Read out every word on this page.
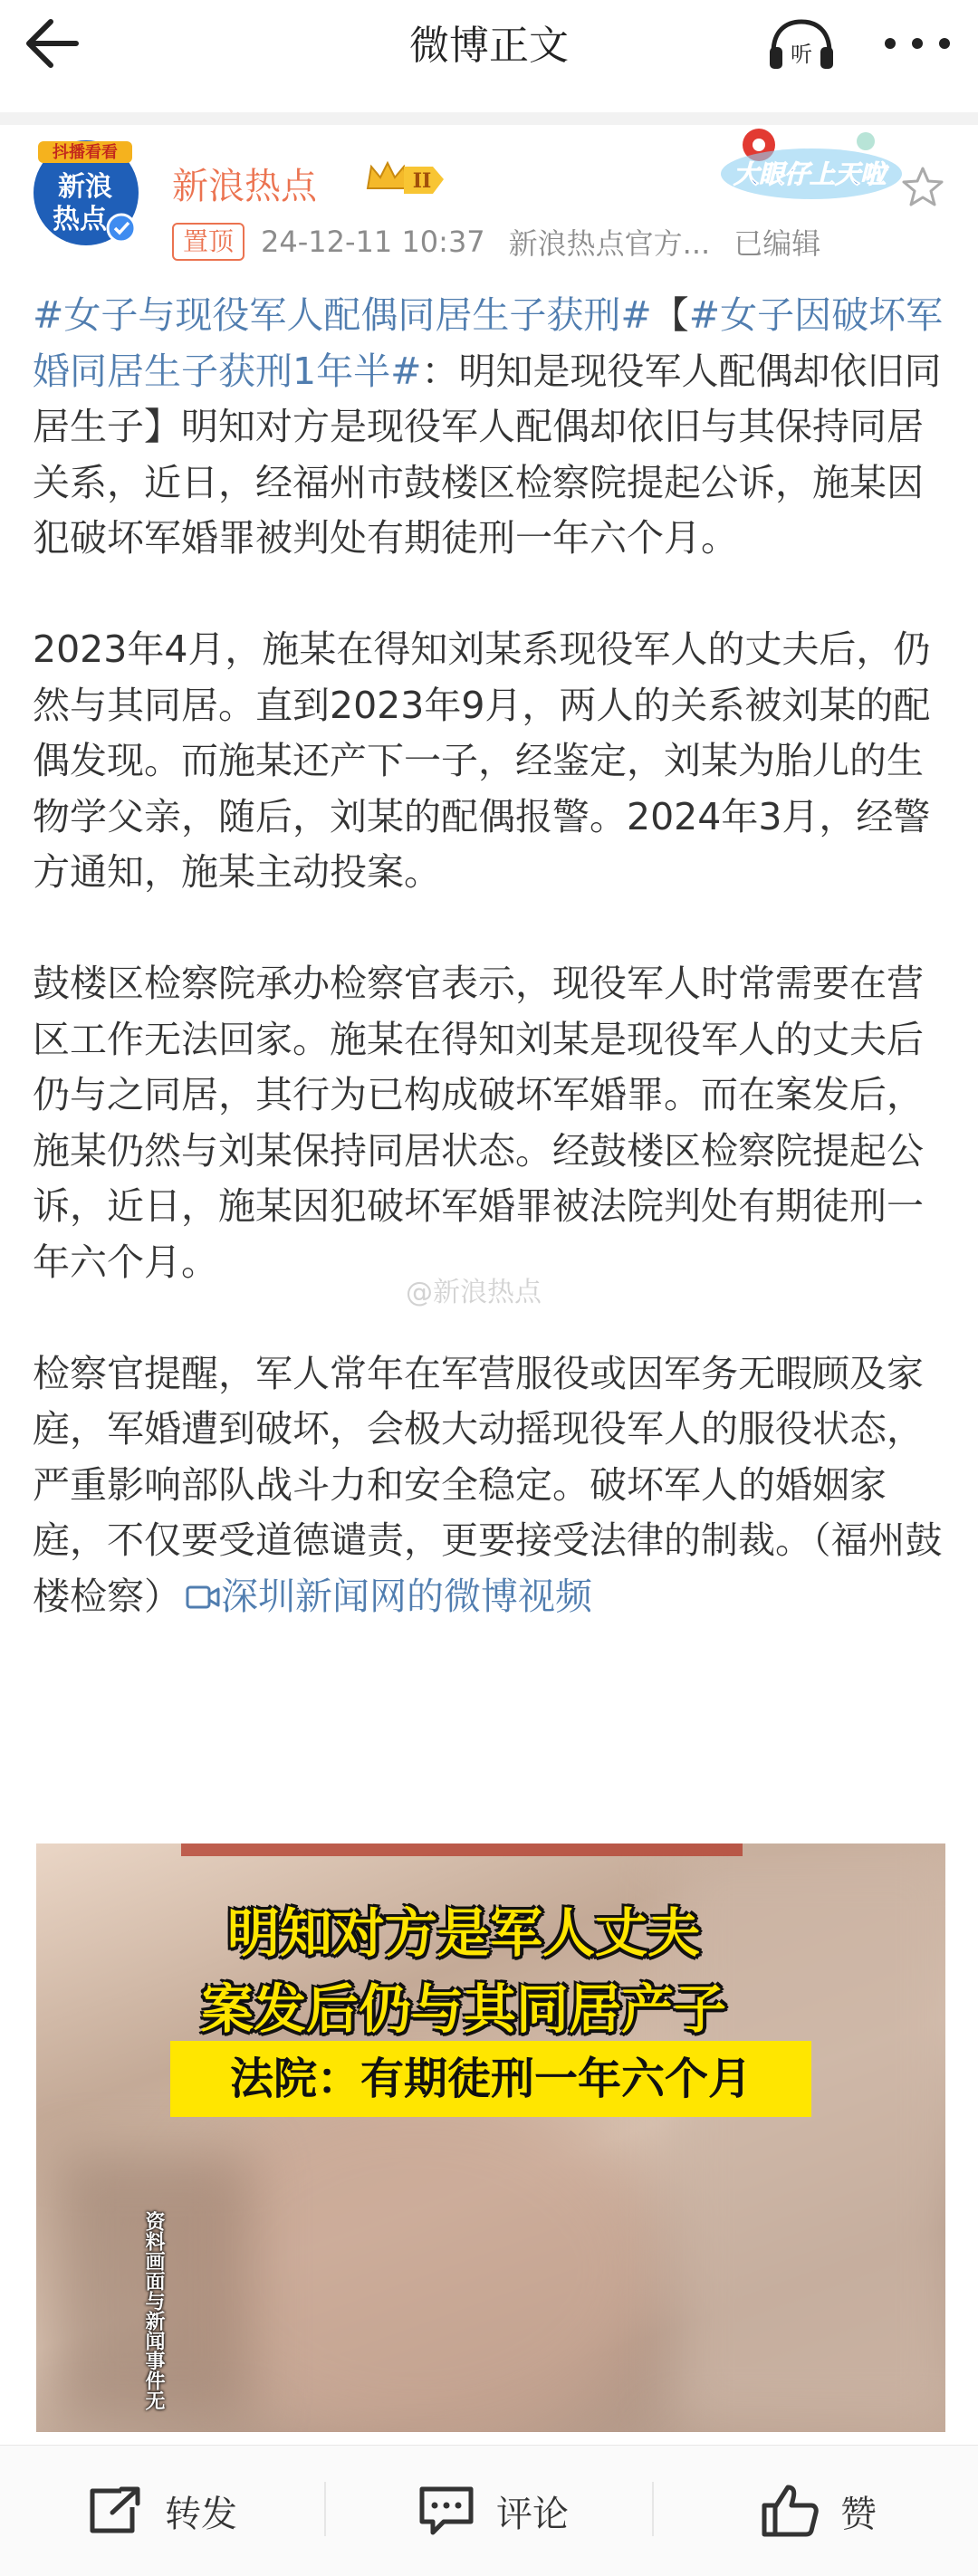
微博正文	听
抖播看看
新浪
热点
新浪热点	II
置顶 24-12-11 10:37 新浪热点官方... 已编辑
大眼仔上天啦

#女子与现役军人配偶同居生子获刑#【#女子因破坏军婚同居生子获刑1年半#：明知是现役军人配偶却依旧同居生子】明知对方是现役军人配偶却依旧与其保持同居关系，近日，经福州市鼓楼区检察院提起公诉，施某因犯破坏军婚罪被判处有期徒刑一年六个月。

2023年4月，施某在得知刘某系现役军人的丈夫后，仍然与其同居。直到2023年9月，两人的关系被刘某的配偶发现。而施某还产下一子，经鉴定，刘某为胎儿的生物学父亲，随后，刘某的配偶报警。2024年3月，经警方通知，施某主动投案。

鼓楼区检察院承办检察官表示，现役军人时常需要在营区工作无法回家。施某在得知刘某是现役军人的丈夫后仍与之同居，其行为已构成破坏军婚罪。而在案发后，施某仍然与刘某保持同居状态。经鼓楼区检察院提起公诉，近日，施某因犯破坏军婚罪被法院判处有期徒刑一年六个月。

检察官提醒，军人常年在军营服役或因军务无暇顾及家庭，军婚遭到破坏，会极大动摇现役军人的服役状态，严重影响部队战斗力和安全稳定。破坏军人的婚姻家庭，不仅要受道德谴责，更要接受法律的制裁。（福州鼓楼检察） 深圳新闻网的微博视频

@新浪热点
明知对方是军人丈夫
案发后仍与其同居产子
法院：有期徒刑一年六个月
资料画面与新闻事件无
转发	评论	赞
